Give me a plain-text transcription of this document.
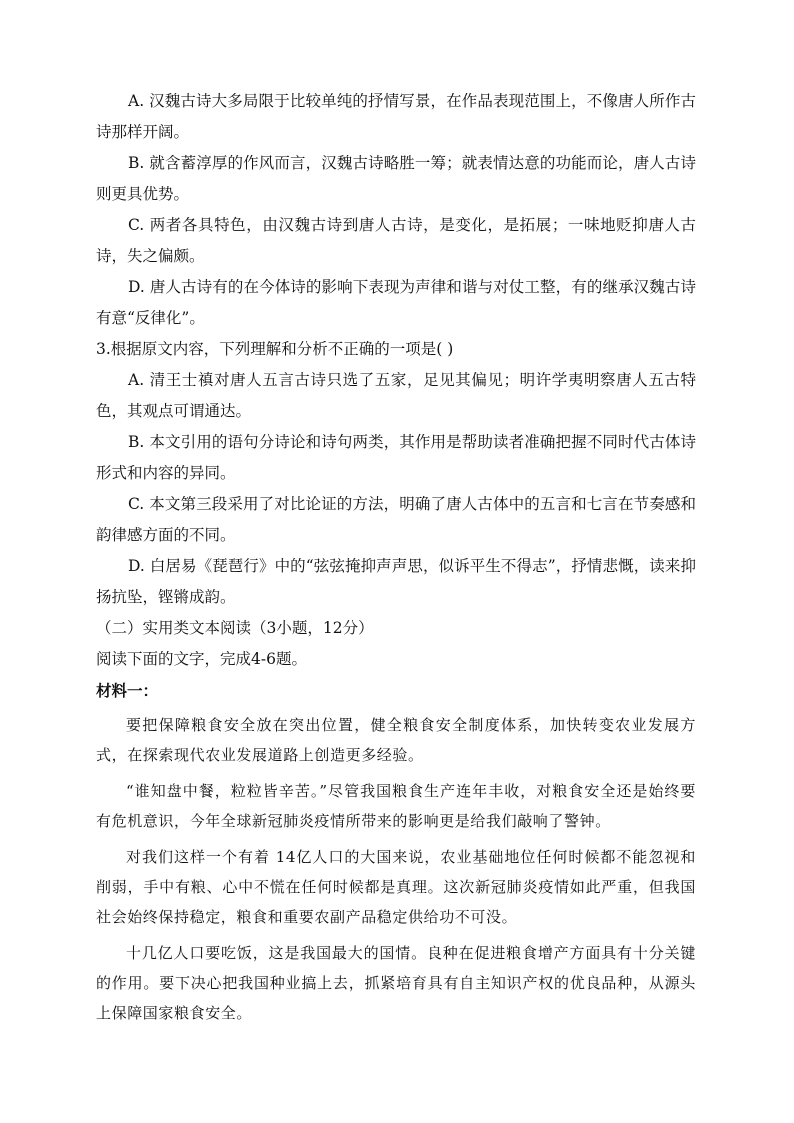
A. 汉魏古诗大多局限于比较单纯的抒情写景，在作品表现范围上，不像唐人所作古诗那样开阔。

B. 就含蓄淳厚的作风而言，汉魏古诗略胜一筹；就表情达意的功能而论，唐人古诗则更具优势。

C. 两者各具特色，由汉魏古诗到唐人古诗，是变化，是拓展；一味地贬抑唐人古诗，失之偏颇。

D. 唐人古诗有的在今体诗的影响下表现为声律和谐与对仗工整，有的继承汉魏古诗有意“反律化”。

3.根据原文内容，下列理解和分析不正确的一项是( )

A. 清王士禛对唐人五言古诗只选了五家，足见其偏见；明许学夷明察唐人五古特色，其观点可谓通达。

B. 本文引用的语句分诗论和诗句两类，其作用是帮助读者准确把握不同时代古体诗形式和内容的异同。

C. 本文第三段采用了对比论证的方法，明确了唐人古体中的五言和七言在节奏感和韵律感方面的不同。

D. 白居易《琵琶行》中的“弦弦掩抑声声思，似诉平生不得志”，抒情悲慨，读来抑扬抗坠，铿锵成韵。

（二）实用类文本阅读（3小题，12分）

阅读下面的文字，完成4-6题。

材料一：

要把保障粮食安全放在突出位置，健全粮食安全制度体系，加快转变农业发展方式，在探索现代农业发展道路上创造更多经验。

“谁知盘中餐，粒粒皆辛苦。”尽管我国粮食生产连年丰收，对粮食安全还是始终要有危机意识，今年全球新冠肺炎疫情所带来的影响更是给我们敲响了警钟。

对我们这样一个有着 14亿人口的大国来说，农业基础地位任何时候都不能忽视和削弱，手中有粮、心中不慌在任何时候都是真理。这次新冠肺炎疫情如此严重，但我国社会始终保持稳定，粮食和重要农副产品稳定供给功不可没。

十几亿人口要吃饭，这是我国最大的国情。良种在促进粮食增产方面具有十分关键的作用。要下决心把我国种业搞上去，抓紧培育具有自主知识产权的优良品种，从源头上保障国家粮食安全。
